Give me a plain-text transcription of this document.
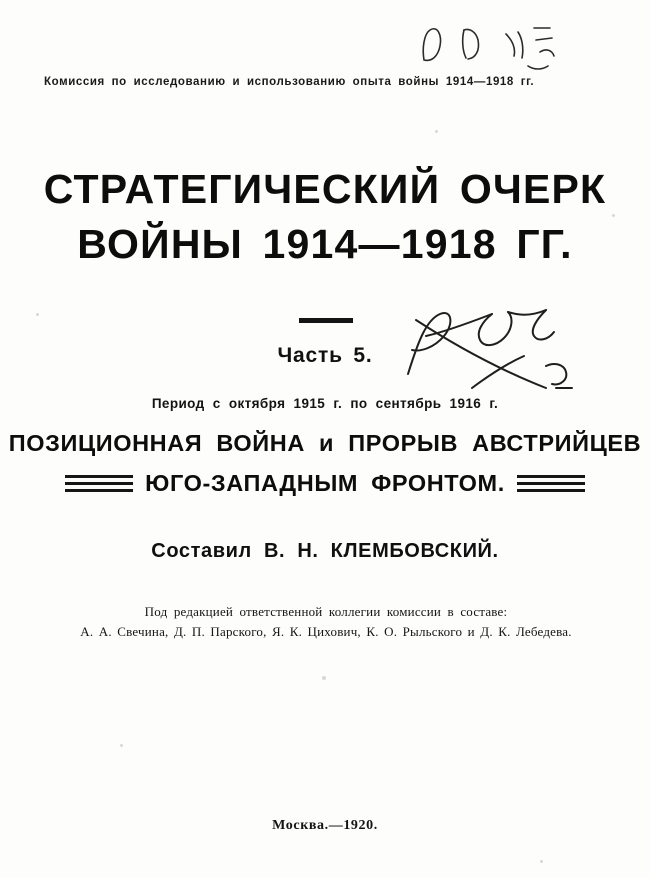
Комиссия по исследованию и использованию опыта войны 1914—1918 гг.
СТРАТЕГИЧЕСКИЙ ОЧЕРК
ВОЙНЫ 1914—1918 ГГ.
Часть 5.
Период с октября 1915 г. по сентябрь 1916 г.
ПОЗИЦИОННАЯ ВОЙНА и ПРОРЫВ АВСТРИЙЦЕВ
ЮГО-ЗАПАДНЫМ ФРОНТОМ.
Составил В. Н. КЛЕМБОВСКИЙ.
Под редакцией ответственной коллегии комиссии в составе:
А. А. Свечина, Д. П. Парского, Я. К. Цихович, К. О. Рыльского и Д. К. Лебедева.
Москва.—1920.
